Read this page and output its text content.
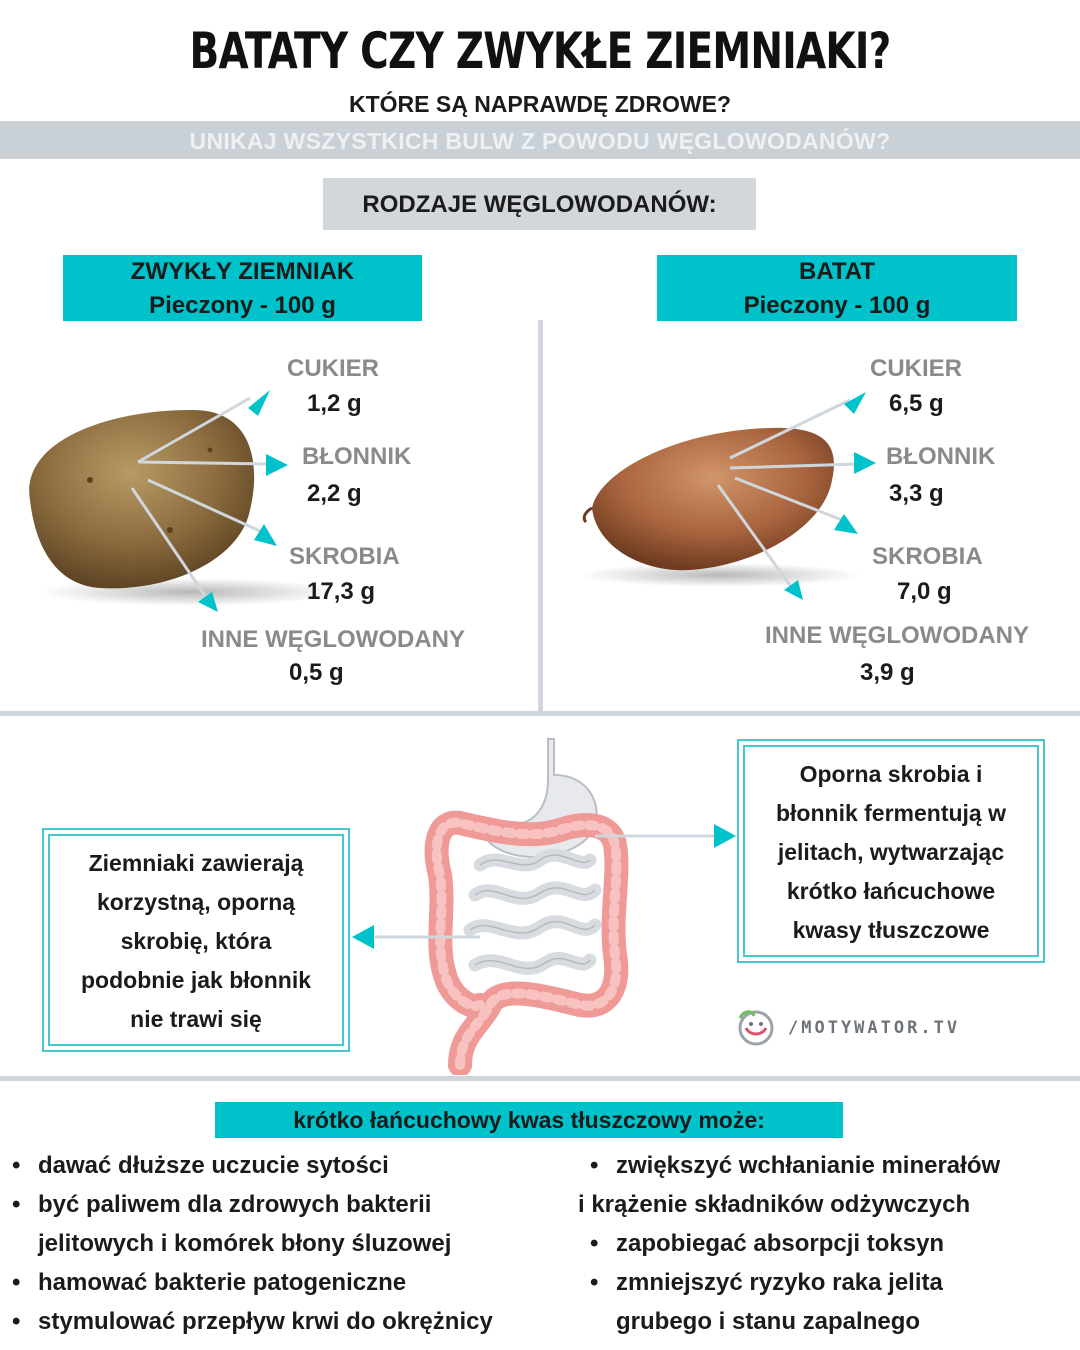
BATATY CZY ZWYKŁE ZIEMNIAKI?
KTÓRE SĄ NAPRAWDĘ ZDROWE?
UNIKAJ WSZYSTKICH BULW Z POWODU WĘGLOWODANÓW?
RODZAJE WĘGLOWODANÓW:
ZWYKŁY ZIEMNIAK
Pieczony - 100 g
BATAT
Pieczony - 100 g
CUKIER
1,2 g
BŁONNIK
2,2 g
SKROBIA
17,3 g
INNE WĘGLOWODANY
0,5 g
CUKIER
6,5 g
BŁONNIK
3,3 g
SKROBIA
7,0 g
INNE WĘGLOWODANY
3,9 g
Ziemniaki zawierają
korzystną, oporną
skrobię, która
podobnie jak błonnik
nie trawi się
Oporna skrobia i
błonnik fermentują w
jelitach, wytwarzając
krótko łańcuchowe
kwasy tłuszczowe
/MOTYWATOR.TV
krótko łańcuchowy kwas tłuszczowy może:
• dawać dłuższe uczucie sytości
• być paliwem dla zdrowych bakterii
jelitowych i komórek błony śluzowej
• hamować bakterie patogeniczne
• stymulować przepływ krwi do okrężnicy
• zwiększyć wchłanianie minerałów
i krążenie składników odżywczych
• zapobiegać absorpcji toksyn
• zmniejszyć ryzyko raka jelita
grubego i stanu zapalnego
